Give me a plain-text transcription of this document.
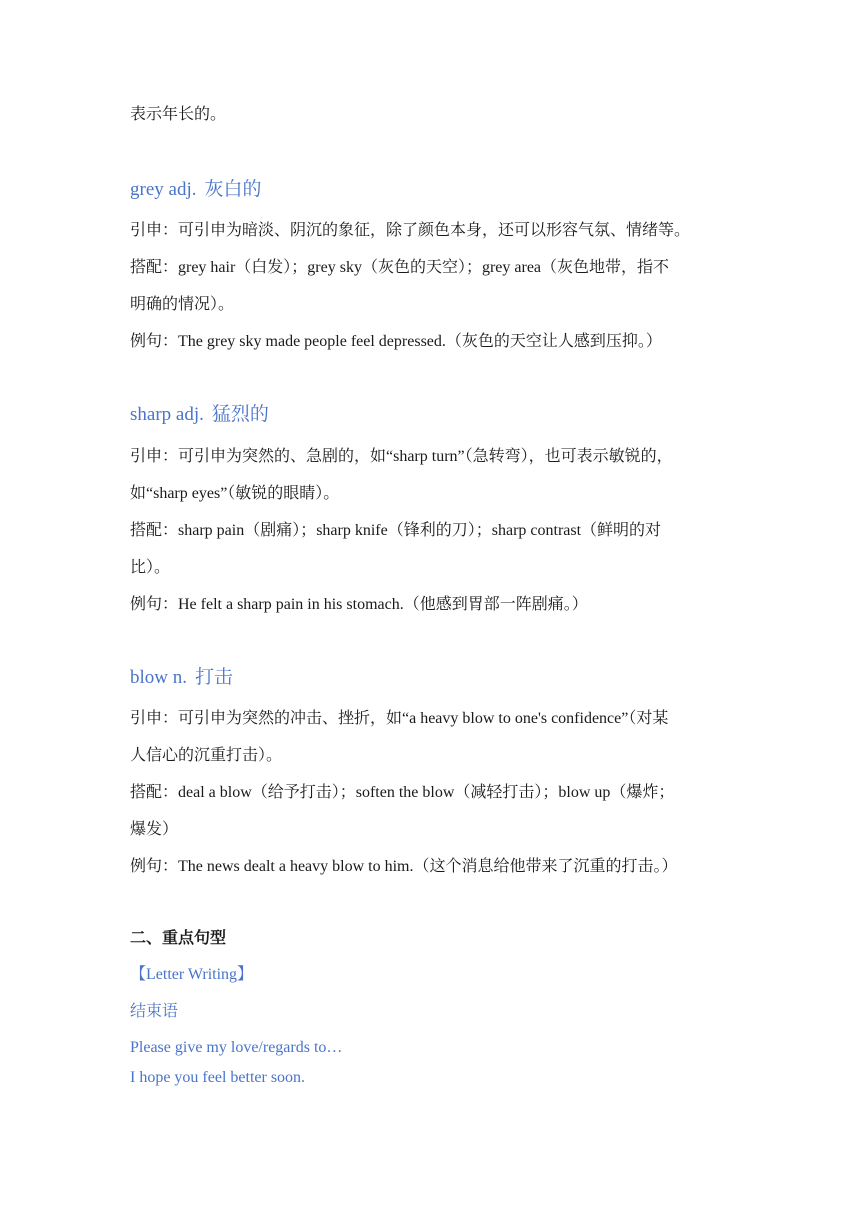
表示年长的。
grey adj. 灰白的
引申：可引申为暗淡、阴沉的象征，除了颜色本身，还可以形容气氛、情绪等。
搭配：grey hair（白发）；grey sky（灰色的天空）；grey area（灰色地带，指不
明确的情况）。
例句：The grey sky made people feel depressed.（灰色的天空让人感到压抑。）
sharp adj. 猛烈的
引申：可引申为突然的、急剧的，如“sharp turn”（急转弯），也可表示敏锐的，
如“sharp eyes”（敏锐的眼睛）。
搭配：sharp pain（剧痛）；sharp knife（锋利的刀）；sharp contrast（鲜明的对
比）。
例句：He felt a sharp pain in his stomach.（他感到胃部一阵剧痛。）
blow n. 打击
引申：可引申为突然的冲击、挫折，如“a heavy blow to one's confidence”（对某
人信心的沉重打击）。
搭配：deal a blow（给予打击）；soften the blow（减轻打击）；blow up（爆炸；
爆发）
例句：The news dealt a heavy blow to him.（这个消息给他带来了沉重的打击。）
二、重点句型
【Letter Writing】
结束语
Please give my love/regards to…
I hope you feel better soon.
